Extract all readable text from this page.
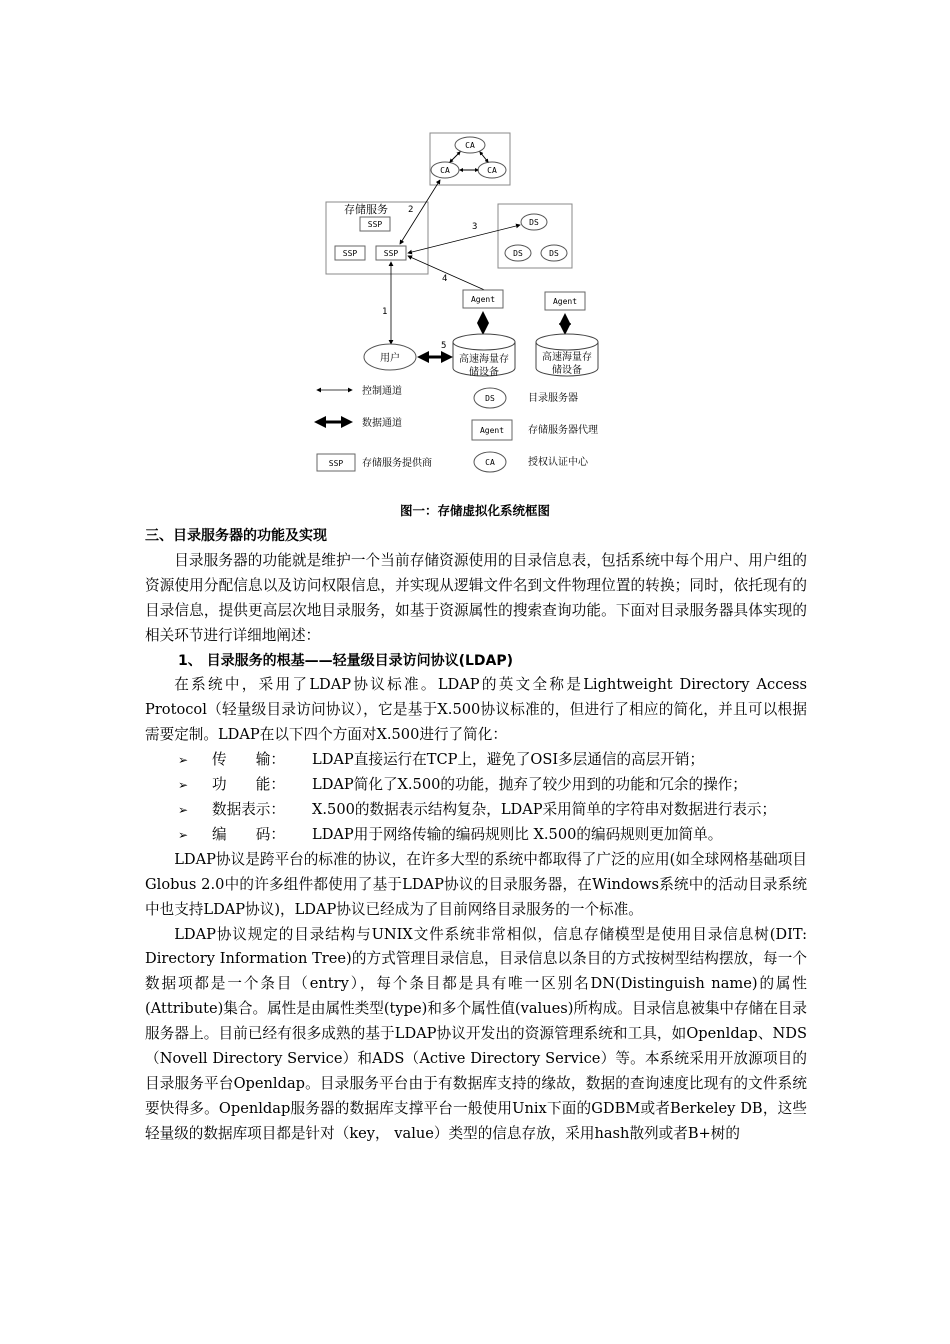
CA
CA	CA
存储服务 2
SSP
SSP	SSP
DS
DS	DS
3
4
1
5
Agent	Agent
用户	高速海量存
储设备
高速海量存
储设备
控制通道
数据通道
SSP 存储服务提供商
DS	目录服务器
Agent 存储服务器代理
CA	授权认证中心
图一：存储虚拟化系统框图

三、目录服务器的功能及实现

目录服务器的功能就是维护一个当前存储资源使用的目录信息表，包括系统中每个用户、用户组的资源使用分配信息以及访问权限信息，并实现从逻辑文件名到文件物理位置的转换；同时，依托现有的目录信息，提供更高层次地目录服务，如基于资源属性的搜索查询功能。下面对目录服务器具体实现的相关环节进行详细地阐述：

1、 目录服务的根基——轻量级目录访问协议(LDAP)

在系统中，采用了LDAP协议标准。LDAP的英文全称是Lightweight Directory Access Protocol（轻量级目录访问协议），它是基于X.500协议标准的，但进行了相应的简化，并且可以根据需要定制。LDAP在以下四个方面对X.500进行了简化：

➢	传　　输：	LDAP直接运行在TCP上，避免了OSI多层通信的高层开销；
➢	功　　能：	LDAP简化了X.500的功能，抛弃了较少用到的功能和冗余的操作；
➢	数据表示：	X.500的数据表示结构复杂，LDAP采用简单的字符串对数据进行表示；
➢	编　　码：	LDAP用于网络传输的编码规则比 X.500的编码规则更加简单。

LDAP协议是跨平台的标准的协议，在许多大型的系统中都取得了广泛的应用(如全球网格基础项目Globus 2.0中的许多组件都使用了基于LDAP协议的目录服务器，在Windows系统中的活动目录系统中也支持LDAP协议)，LDAP协议已经成为了目前网络目录服务的一个标准。

LDAP协议规定的目录结构与UNIX文件系统非常相似，信息存储模型是使用目录信息树(DIT: Directory Information Tree)的方式管理目录信息，目录信息以条目的方式按树型结构摆放，每一个数据项都是一个条目（entry），每个条目都是具有唯一区别名DN(Distinguish name)的属性(Attribute)集合。属性是由属性类型(type)和多个属性值(values)所构成。目录信息被集中存储在目录服务器上。目前已经有很多成熟的基于LDAP协议开发出的资源管理系统和工具，如Openldap、NDS（Novell Directory Service）和ADS（Active Directory Service）等。本系统采用开放源项目的目录服务平台Openldap。目录服务平台由于有数据库支持的缘故，数据的查询速度比现有的文件系统要快得多。Openldap服务器的数据库支撑平台一般使用Unix下面的GDBM或者Berkeley DB，这些轻量级的数据库项目都是针对（key， value）类型的信息存放，采用hash散列或者B+树的
